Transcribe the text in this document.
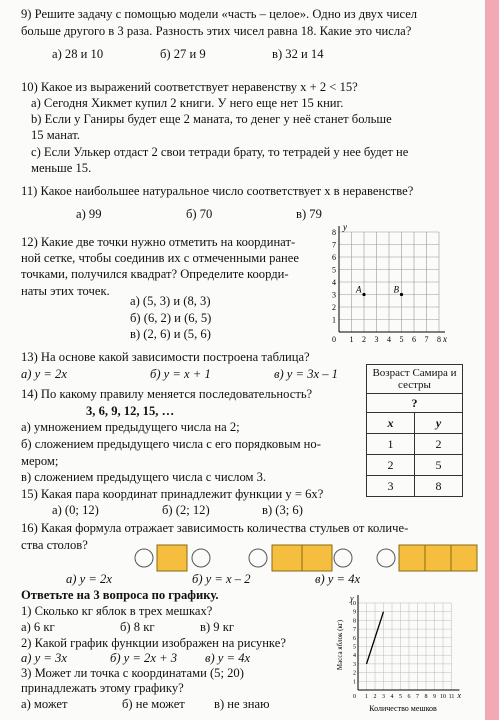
9) Решите задачу с помощью модели «часть – целое». Одно из двух чисел
больше другого в 3 раза. Разность этих чисел равна 18. Какие это числа?
а) 28 и 10	б) 27 и 9	в) 32 и 14
10) Какое из выражений соответствует неравенству x + 2 < 15?
а) Сегодня Хикмет купил 2 книги. У него еще нет 15 книг.
b) Если у Ганиры будет еще 2 маната, то денег у неё станет больше
15 манат.
с) Если Улькер отдаст 2 свои тетради брату, то тетрадей у нее будет не
меньше 15.
11) Какое наибольшее натуральное число соответствует x в неравенстве?
а) 99	б) 70	в) 79
12) Какие две точки нужно отметить на координат-
ной сетке, чтобы соединив их с отмеченными ранее
точками, получился квадрат? Определите коорди-
наты этих точек.
а) (5, 3) и (8, 3)
б) (6, 2) и (6, 5)
в) (2, 6) и (5, 6)	1 2 3 4 5 6 7 8
1
2
3
4
5
6
7
8
0	x
y
A	B
13) На основе какой зависимости построена таблица?
а) y = 2x	б) y = x + 1	в) y = 3x – 1	Возраст Самира и
сестры	
?	
x	y
1	2
2	5
3	8
14) По какому правилу меняется последовательность?
3, 6, 9, 12, 15, …
а) умножением предыдущего числа на 2;
б) сложением предыдущего числа с его порядковым но-
мером;
в) сложением предыдущего числа с числом 3.
15) Какая пара координат принадлежит функции y = 6x?
а) (0; 12)	б) (2; 12)	в) (3; 6)
16) Какая формула отражает зависимость количества стульев от количе-
ства столов?
а) y = 2x	б) y = x – 2	в) y = 4x
Ответьте на 3 вопроса по графику.
1) Сколько кг яблок в трех мешках?
а) 6 кг	б) 8 кг	в) 9 кг
2) Какой график функции изображен на рисунке?
а) y = 3x	б) y = 2x + 3 в) y = 4x
3) Может ли точка с координатами (5; 20)
принадлежать этому графику?
а) может	б) не может в) не знаю	1 2 3 4 5 6 7 8 9 10 11
1
2
3
4
5
6
7
8
9
10
0	x
y
Количество мешков
Масса яблок (кг)
